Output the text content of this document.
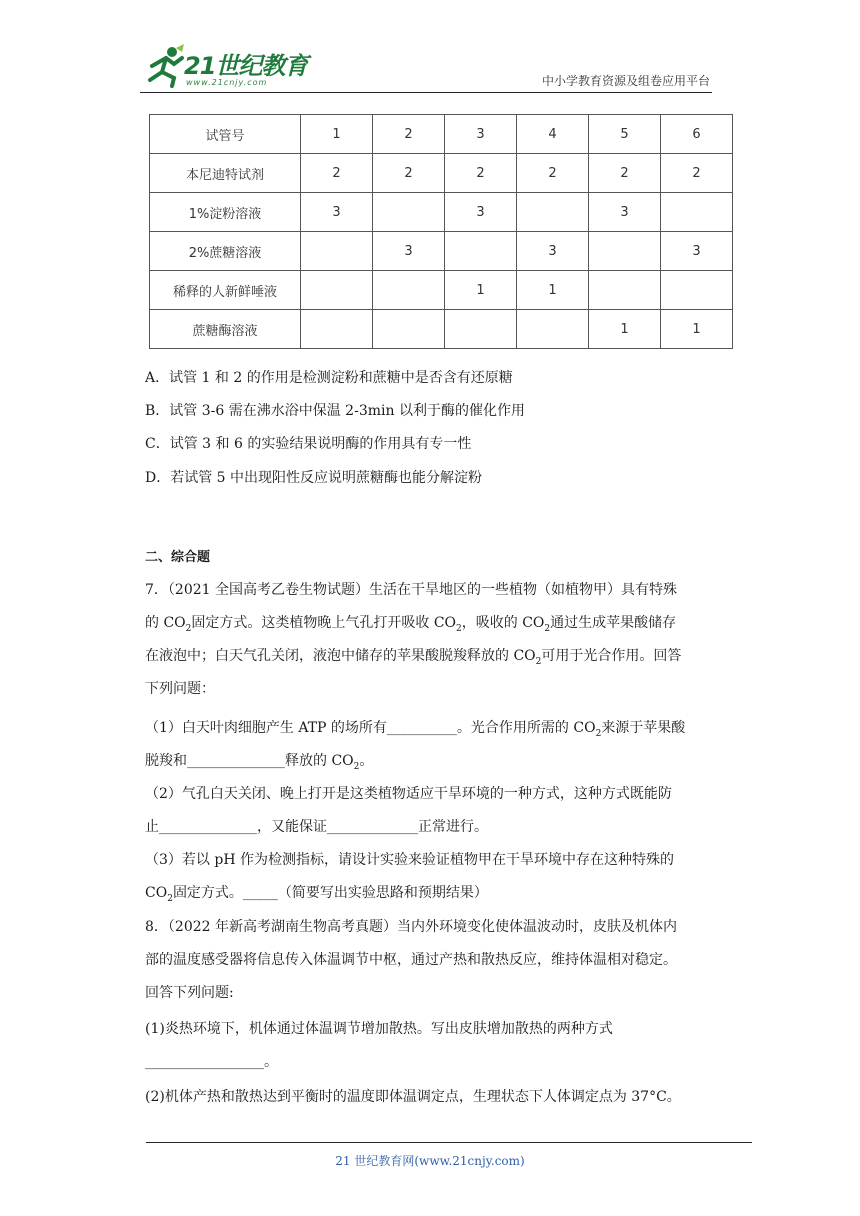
21世纪教育
www.21cnjy.com	中小学教育资源及组卷应用平台
试管号	1	2	3	4	5	6
本尼迪特试剂	2	2	2	2	2	2
1%淀粉溶液	3		3		3	
2%蔗糖溶液		3		3		3
稀释的人新鲜唾液			1	1		
蔗糖酶溶液					1	1
A．试管 1 和 2 的作用是检测淀粉和蔗糖中是否含有还原糖
B．试管 3-6 需在沸水浴中保温 2-3min 以利于酶的催化作用
C．试管 3 和 6 的实验结果说明酶的作用具有专一性
D．若试管 5 中出现阳性反应说明蔗糖酶也能分解淀粉
二、综合题
7．（2021 全国高考乙卷生物试题）生活在干旱地区的一些植物（如植物甲）具有特殊
的 $CO_2$固定方式。这类植物晚上气孔打开吸收 $CO_2$，吸收的 $CO_2$通过生成苹果酸储存
在液泡中；白天气孔关闭，液泡中储存的苹果酸脱羧释放的 $CO_2$可用于光合作用。回答
下列问题：
（1）白天叶肉细胞产生 ATP 的场所有__________。光合作用所需的 $CO_2$来源于苹果酸
脱羧和______________释放的 $CO_2$。
（2）气孔白天关闭、晚上打开是这类植物适应干旱环境的一种方式，这种方式既能防
止______________，又能保证_____________正常进行。
（3）若以 pH 作为检测指标，请设计实验来验证植物甲在干旱环境中存在这种特殊的
$CO_2$固定方式。_____（简要写出实验思路和预期结果）
8．（2022 年新高考湖南生物高考真题）当内外环境变化使体温波动时，皮肤及机体内
部的温度感受器将信息传入体温调节中枢，通过产热和散热反应，维持体温相对稳定。
回答下列问题:
(1)炎热环境下，机体通过体温调节增加散热。写出皮肤增加散热的两种方式
_________________。
(2)机体产热和散热达到平衡时的温度即体温调定点，生理状态下人体调定点为 37°C。
21 世纪教育网(www.21cnjy.com)
